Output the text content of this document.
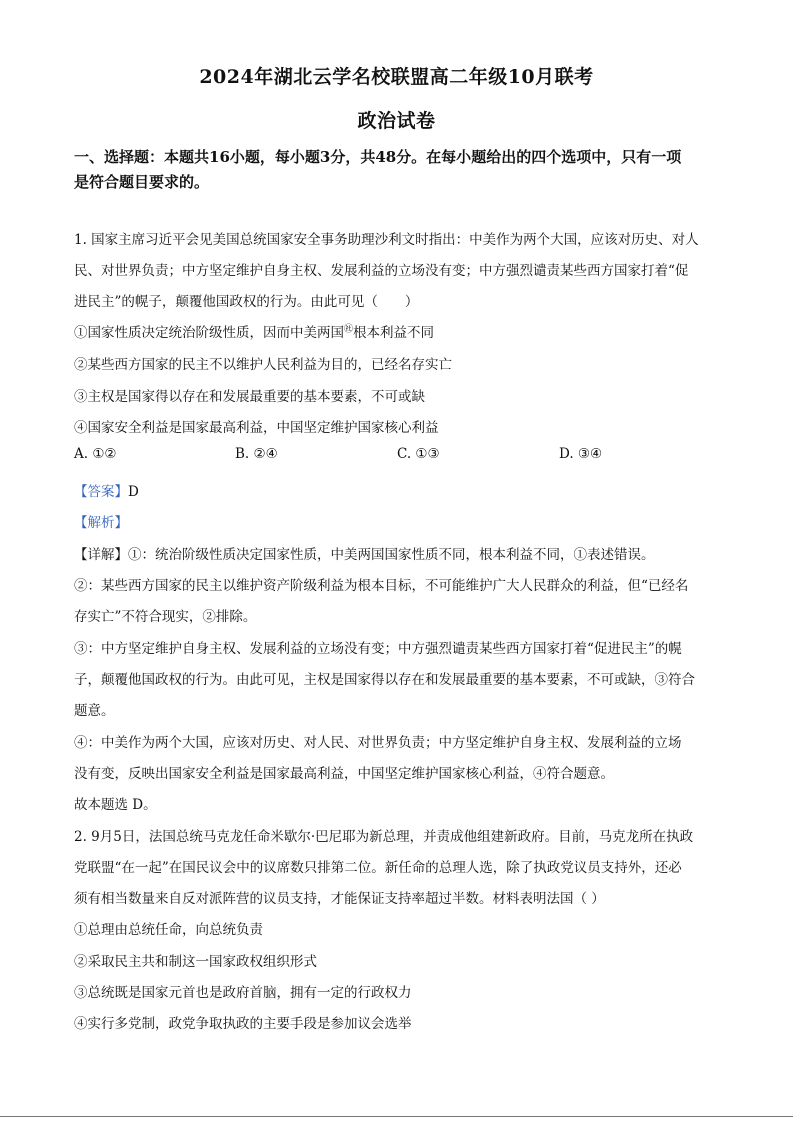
2024年湖北云学名校联盟高二年级10月联考
政治试卷
一、选择题：本题共16小题，每小题3分，共48分。在每小题给出的四个选项中，只有一项
是符合题目要求的。
1. 国家主席习近平会见美国总统国家安全事务助理沙利文时指出：中美作为两个大国，应该对历史、对人
民、对世界负责；中方坚定维护自身主权、发展利益的立场没有变；中方强烈谴责某些西方国家打着“促
进民主”的幌子，颠覆他国政权的行为。由此可见（　　）
①国家性质决定统治阶级性质，因而中美两国㊓根本利益不同
②某些西方国家的民主不以维护人民利益为目的，已经名存实亡
③主权是国家得以存在和发展最重要的基本要素，不可或缺
④国家安全利益是国家最高利益，中国坚定维护国家核心利益
A. ①②	B. ②④	C. ①③	D. ③④
【答案】D
【解析】
【详解】①：统治阶级性质决定国家性质，中美两国国家性质不同，根本利益不同，①表述错误。
②：某些西方国家的民主以维护资产阶级利益为根本目标，不可能维护广大人民群众的利益，但“已经名
存实亡”不符合现实，②排除。
③：中方坚定维护自身主权、发展利益的立场没有变；中方强烈谴责某些西方国家打着“促进民主”的幌
子，颠覆他国政权的行为。由此可见，主权是国家得以存在和发展最重要的基本要素，不可或缺，③符合
题意。
④：中美作为两个大国，应该对历史、对人民、对世界负责；中方坚定维护自身主权、发展利益的立场
没有变，反映出国家安全利益是国家最高利益，中国坚定维护国家核心利益，④符合题意。
故本题选 D。
2. 9月5日，法国总统马克龙任命米歇尔·巴尼耶为新总理，并责成他组建新政府。目前，马克龙所在执政
党联盟“在一起”在国民议会中的议席数只排第二位。新任命的总理人选，除了执政党议员支持外，还必
须有相当数量来自反对派阵营的议员支持，才能保证支持率超过半数。材料表明法国（ ）
①总理由总统任命，向总统负责
②采取民主共和制这一国家政权组织形式
③总统既是国家元首也是政府首脑，拥有一定的行政权力
④实行多党制，政党争取执政的主要手段是参加议会选举
